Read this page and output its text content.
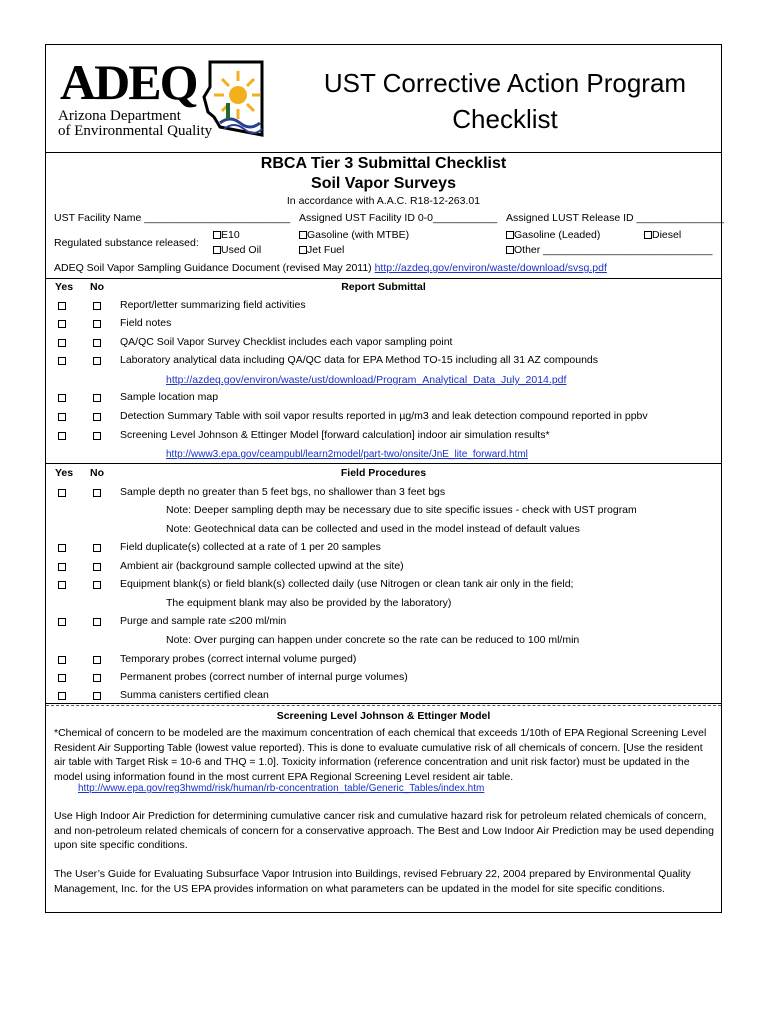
ADEQ
Arizona Department
of Environmental Quality
UST Corrective Action Program
Checklist
RBCA Tier 3 Submittal Checklist
Soil Vapor Surveys
In accordance with A.A.C. R18-12-263.01
UST Facility Name _________________________ Assigned UST Facility ID 0-0___________ Assigned LUST Release ID _______________
Regulated substance released:
E10
Used Oil
Gasoline (with MTBE)
Jet Fuel
Gasoline (Leaded)
Other _____________________________
Diesel
ADEQ Soil Vapor Sampling Guidance Document (revised May 2011) http://azdeq.gov/environ/waste/download/svsg.pdf
Yes No	Report Submittal
Report/letter summarizing field activities
Field notes
QA/QC Soil Vapor Survey Checklist includes each vapor sampling point
Laboratory analytical data including QA/QC data for EPA Method TO-15 including all 31 AZ compounds
http://azdeq.gov/environ/waste/ust/download/Program_Analytical_Data_July_2014.pdf
Sample location map
Detection Summary Table with soil vapor results reported in µg/m3 and leak detection compound reported in ppbv
Screening Level Johnson & Ettinger Model [forward calculation] indoor air simulation results*
http://www3.epa.gov/ceampubl/learn2model/part-two/onsite/JnE_lite_forward.html
Yes No	Field Procedures
Sample depth no greater than 5 feet bgs, no shallower than 3 feet bgs
Note: Deeper sampling depth may be necessary due to site specific issues - check with UST program
Note: Geotechnical data can be collected and used in the model instead of default values
Field duplicate(s) collected at a rate of 1 per 20 samples
Ambient air (background sample collected upwind at the site)
Equipment blank(s) or field blank(s) collected daily (use Nitrogen or clean tank air only in the field;
The equipment blank may also be provided by the laboratory)
Purge and sample rate ≤200 ml/min
Note: Over purging can happen under concrete so the rate can be reduced to 100 ml/min
Temporary probes (correct internal volume purged)
Permanent probes (correct number of internal purge volumes)
Summa canisters certified clean
Screening Level Johnson & Ettinger Model
*Chemical of concern to be modeled are the maximum concentration of each chemical that exceeds 1/10th of EPA Regional Screening Level Resident Air Supporting Table (lowest value reported). This is done to evaluate cumulative risk of all chemicals of concern. [Use the resident air table with Target Risk = 10-6 and THQ = 1.0]. Toxicity information (reference concentration and unit risk factor) must be updated in the model using information found in the most current EPA Regional Screening Level resident air table.
http://www.epa.gov/reg3hwmd/risk/human/rb-concentration_table/Generic_Tables/index.htm
Use High Indoor Air Prediction for determining cumulative cancer risk and cumulative hazard risk for petroleum related chemicals of concern, and non-petroleum related chemicals of concern for a conservative approach. The Best and Low Indoor Air Prediction may be used depending upon site specific conditions.
The User’s Guide for Evaluating Subsurface Vapor Intrusion into Buildings, revised February 22, 2004 prepared by Environmental Quality Management, Inc. for the US EPA provides information on what parameters can be updated in the model for site specific conditions.
